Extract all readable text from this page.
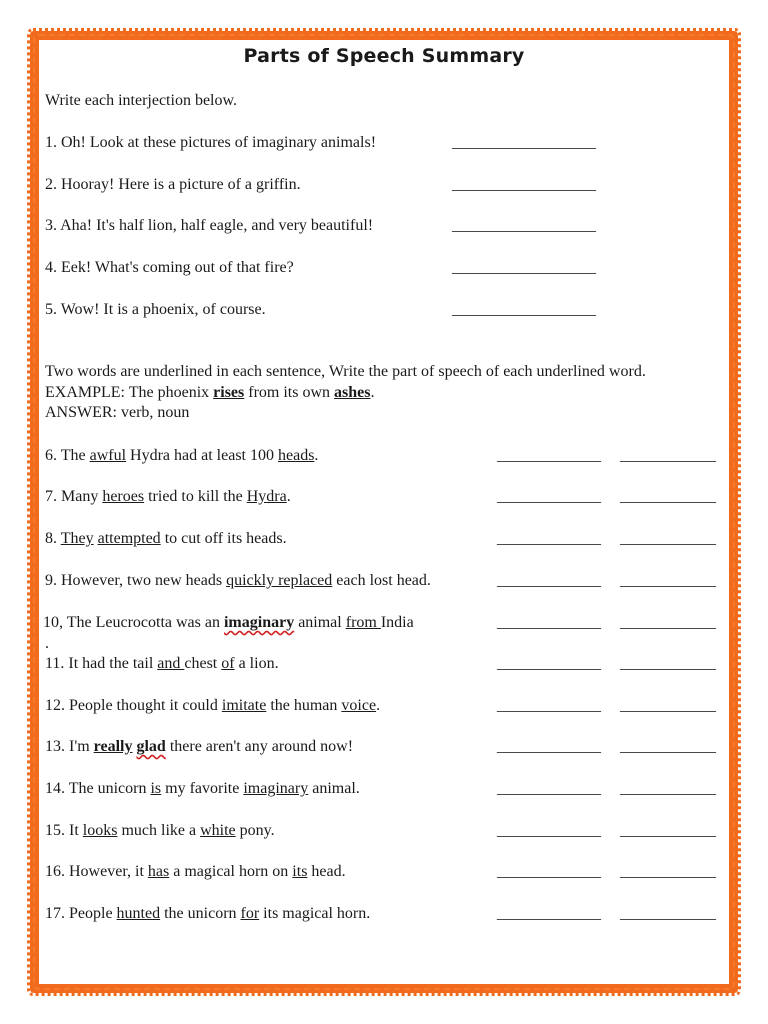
Parts of Speech Summary
Write each interjection below.
1. Oh! Look at these pictures of imaginary animals!	__________________
2. Hooray! Here is a picture of a griffin.	__________________
3. Aha! It's half lion, half eagle, and very beautiful!	__________________
4. Eek! What's coming out of that fire?	__________________
5. Wow! It is a phoenix, of course.	__________________
Two words are underlined in each sentence, Write the part of speech of each underlined word.
EXAMPLE: The phoenix rises from its own ashes.
ANSWER: verb, noun
6. The awful Hydra had at least 100 heads.	_____________ ____________
7. Many heroes tried to kill the Hydra.	_____________ ____________
8. They attempted to cut off its heads.	_____________ ____________
9. However, two new heads quickly replaced each lost head.	_____________ ____________
10, The Leucrocotta was an imaginary animal from India	_____________ ____________
11. It had the tail and chest of a lion.	_____________ ____________
12. People thought it could imitate the human voice.	_____________ ____________
13. I'm really glad there aren't any around now!	_____________ ____________
14. The unicorn is my favorite imaginary animal.	_____________ ____________
15. It looks much like a white pony.	_____________ ____________
16. However, it has a magical horn on its head.	_____________ ____________
17. People hunted the unicorn for its magical horn.	_____________ ____________
.
